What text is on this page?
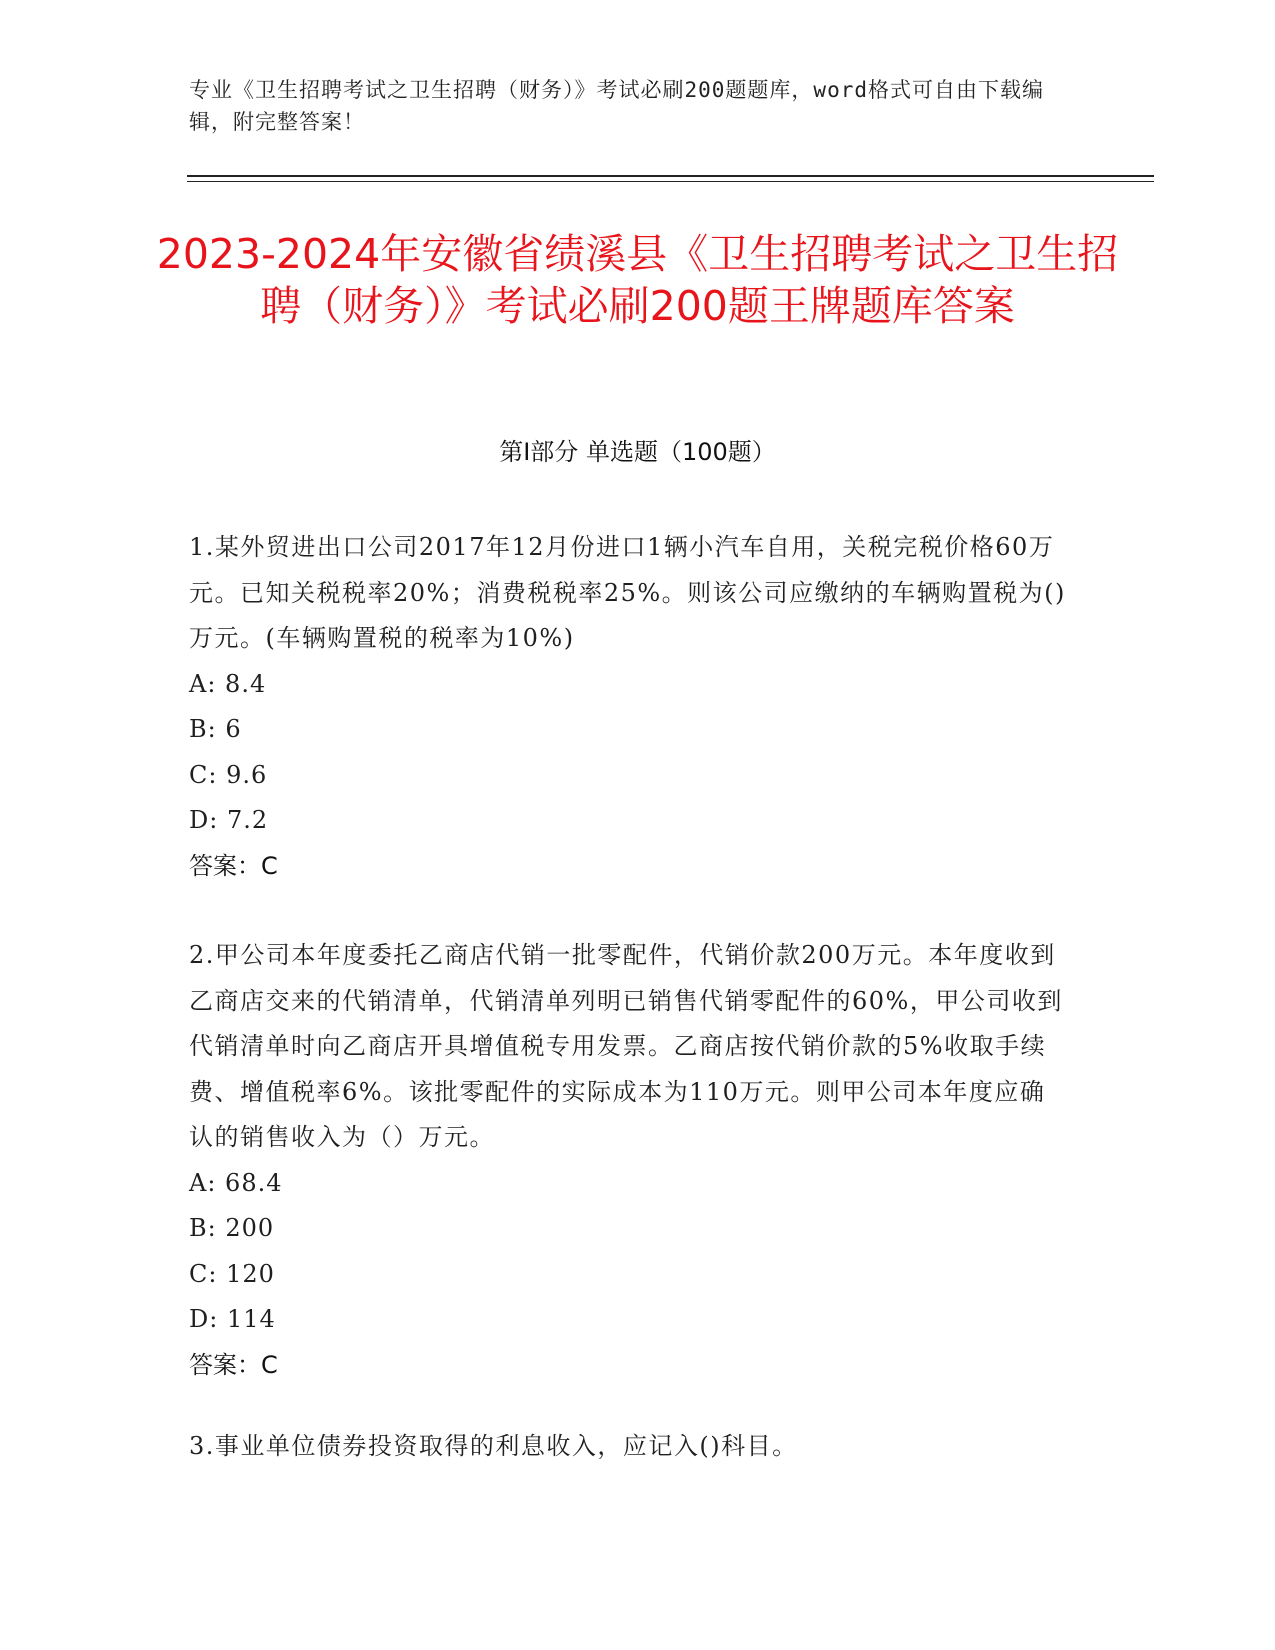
专业《卫生招聘考试之卫生招聘（财务）》考试必刷200题题库，word格式可自由下载编辑，附完整答案！
2023-2024年安徽省绩溪县《卫生招聘考试之卫生招聘（财务）》考试必刷200题王牌题库答案
第Ⅰ部分 单选题（100题）

1.某外贸进出口公司2017年12月份进口1辆小汽车自用，关税完税价格60万元。已知关税税率20%；消费税税率25%。则该公司应缴纳的车辆购置税为()万元。(车辆购置税的税率为10%)

A: 8.4

B: 6

C: 9.6

D: 7.2

答案：C

2.甲公司本年度委托乙商店代销一批零配件，代销价款200万元。本年度收到乙商店交来的代销清单，代销清单列明已销售代销零配件的60%，甲公司收到代销清单时向乙商店开具增值税专用发票。乙商店按代销价款的5%收取手续费、增值税率6%。该批零配件的实际成本为110万元。则甲公司本年度应确认的销售收入为（）万元。

A: 68.4

B: 200

C: 120

D: 114

答案：C

3.事业单位债券投资取得的利息收入，应记入()科目。
